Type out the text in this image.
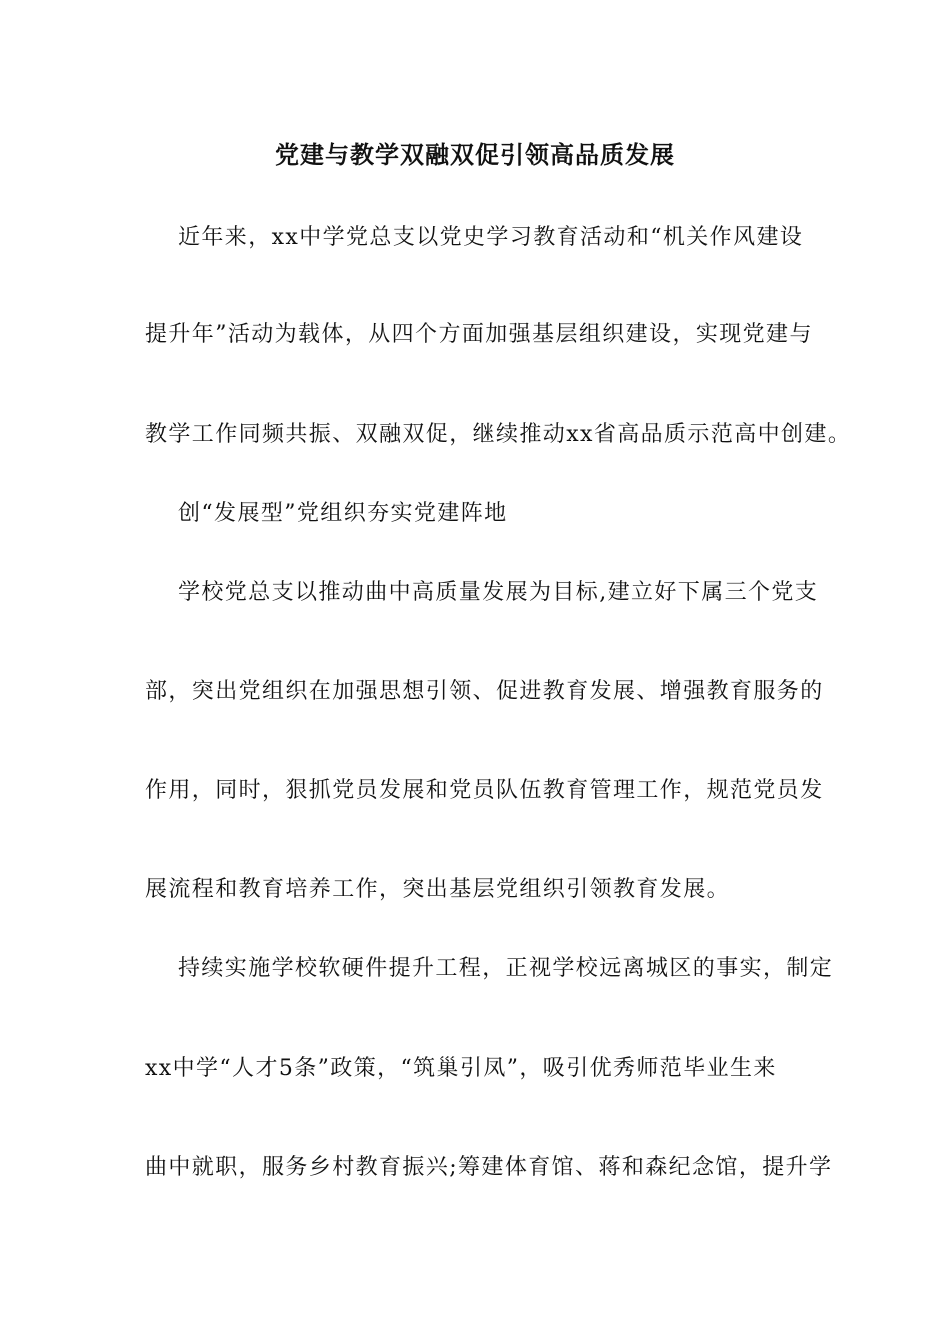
党建与教学双融双促引领高品质发展
近年来，xx中学党总支以党史学习教育活动和“机关作风建设
提升年”活动为载体，从四个方面加强基层组织建设，实现党建与
教学工作同频共振、双融双促，继续推动xx省高品质示范高中创建。
创“发展型”党组织夯实党建阵地
学校党总支以推动曲中高质量发展为目标,建立好下属三个党支
部，突出党组织在加强思想引领、促进教育发展、增强教育服务的
作用，同时，狠抓党员发展和党员队伍教育管理工作，规范党员发
展流程和教育培养工作，突出基层党组织引领教育发展。
持续实施学校软硬件提升工程，正视学校远离城区的事实，制定
xx中学“人才5条”政策，“筑巢引凤”，吸引优秀师范毕业生来
曲中就职，服务乡村教育振兴;筹建体育馆、蒋和森纪念馆，提升学
